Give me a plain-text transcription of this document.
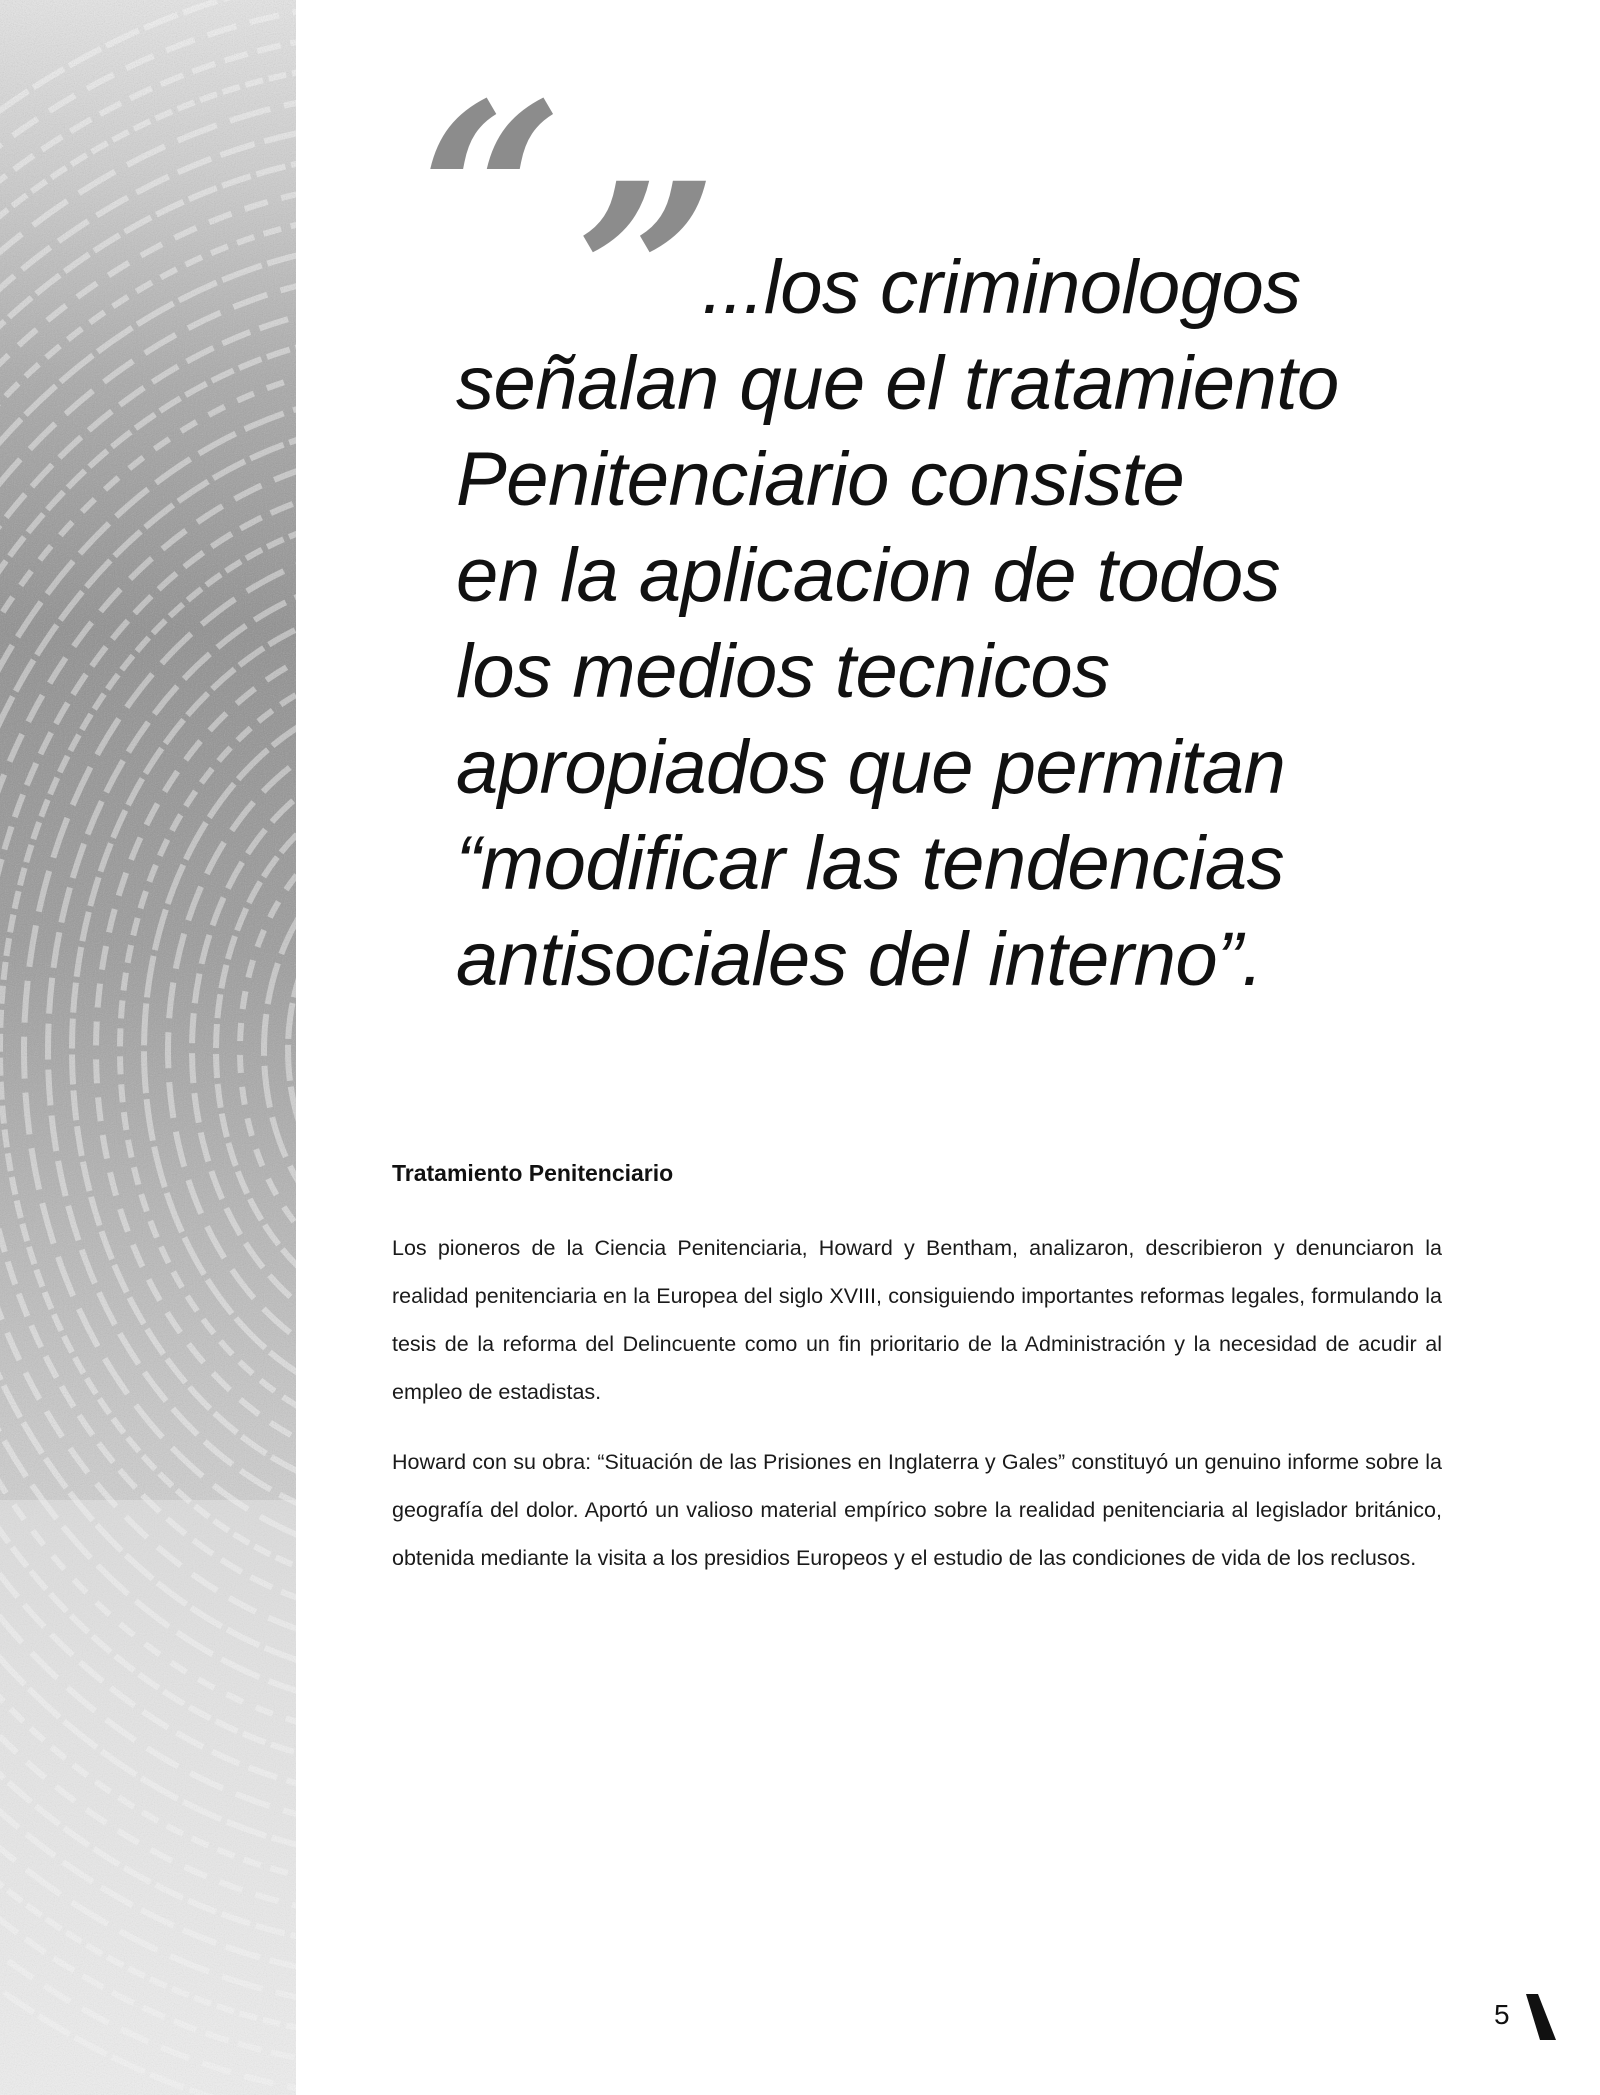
“ ”

...los criminologos
señalan que el tratamiento
Penitenciario consiste
en la aplicacion de todos
los medios tecnicos
apropiados que permitan
“modificar las tendencias
antisociales del interno”.

Tratamiento Penitenciario

Los pioneros de la Ciencia Penitenciaria, Howard y Bentham, analizaron, describieron y denunciaron la realidad penitenciaria en la Europea del siglo XVIII, consiguiendo importantes reformas legales, formulando la tesis de la reforma del Delincuente como un fin prioritario de la Administración y la necesidad de acudir al empleo de estadistas.

Howard con su obra: “Situación de las Prisiones en Inglaterra y Gales” constituyó un genuino informe sobre la geografía del dolor. Aportó un valioso material empírico sobre la realidad penitenciaria al legislador británico, obtenida mediante la visita a los presidios Europeos y el estudio de las condiciones de vida de los reclusos.

5
